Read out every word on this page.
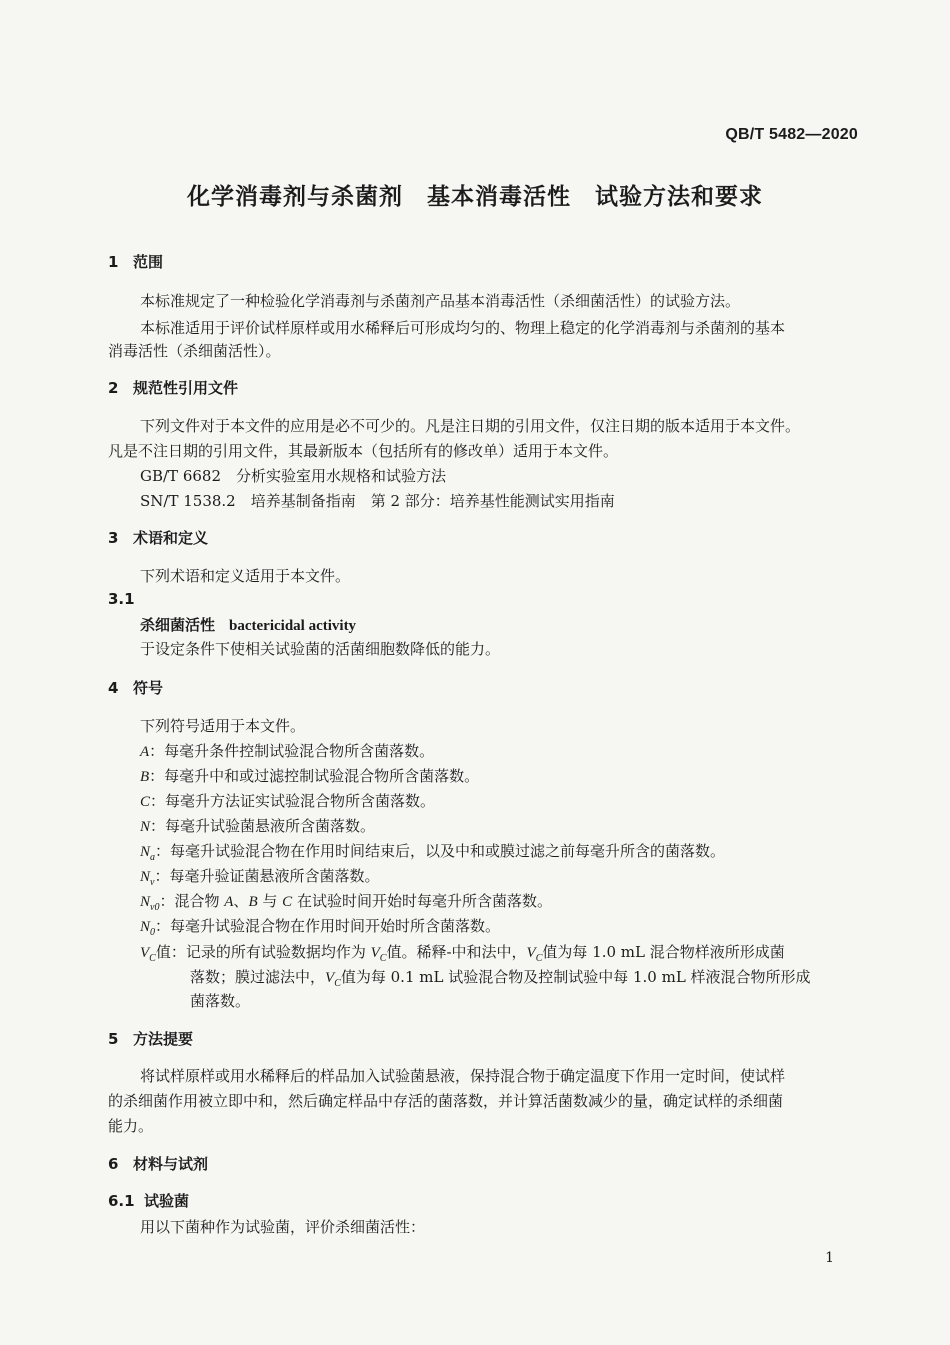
QB/T 5482—2020
化学消毒剂与杀菌剂　基本消毒活性　试验方法和要求
1 范围
本标准规定了一种检验化学消毒剂与杀菌剂产品基本消毒活性（杀细菌活性）的试验方法。
本标准适用于评价试样原样或用水稀释后可形成均匀的、物理上稳定的化学消毒剂与杀菌剂的基本
消毒活性（杀细菌活性）。
2 规范性引用文件
下列文件对于本文件的应用是必不可少的。凡是注日期的引用文件，仅注日期的版本适用于本文件。
凡是不注日期的引用文件，其最新版本（包括所有的修改单）适用于本文件。
GB/T 6682　分析实验室用水规格和试验方法
SN/T 1538.2　培养基制备指南　第 2 部分：培养基性能测试实用指南
3 术语和定义
下列术语和定义适用于本文件。
3.1
杀细菌活性 bactericidal activity
于设定条件下使相关试验菌的活菌细胞数降低的能力。
4 符号
下列符号适用于本文件。
A：每毫升条件控制试验混合物所含菌落数。
B：每毫升中和或过滤控制试验混合物所含菌落数。
C：每毫升方法证实试验混合物所含菌落数。
N：每毫升试验菌悬液所含菌落数。
$N_a$：每毫升试验混合物在作用时间结束后，以及中和或膜过滤之前每毫升所含的菌落数。
$N_v$：每毫升验证菌悬液所含菌落数。
$N_{v0}$：混合物 A、B 与 C 在试验时间开始时每毫升所含菌落数。
$N_0$：每毫升试验混合物在作用时间开始时所含菌落数。
$V_C$值：记录的所有试验数据均作为 $V_C$值。稀释-中和法中，$V_C$值为每 1.0 mL 混合物样液所形成菌
落数；膜过滤法中，$V_C$值为每 0.1 mL 试验混合物及控制试验中每 1.0 mL 样液混合物所形成
菌落数。
5 方法提要
将试样原样或用水稀释后的样品加入试验菌悬液，保持混合物于确定温度下作用一定时间，使试样
的杀细菌作用被立即中和，然后确定样品中存活的菌落数，并计算活菌数减少的量，确定试样的杀细菌
能力。
6 材料与试剂
6.1 试验菌
用以下菌种作为试验菌，评价杀细菌活性：
1
